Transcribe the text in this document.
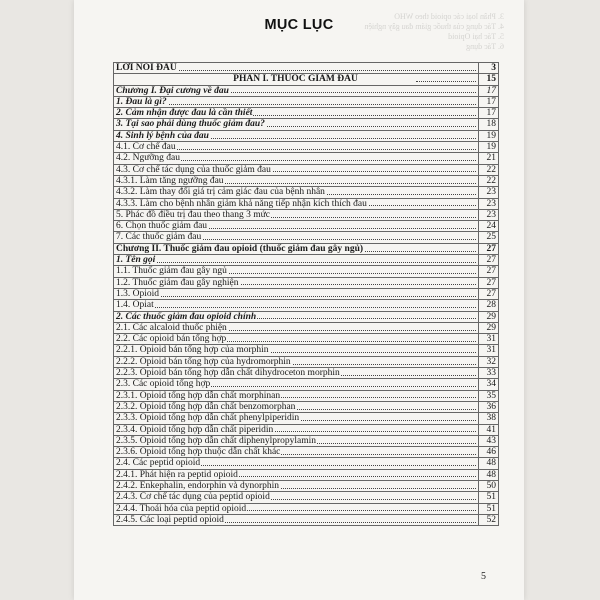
3. Phân loại các opioid theo WHO
4. Tác dụng của thuốc giảm đau gây nghiện
5. Tác hại Opioid
6. Tác dụng
MỤC LỤC
LỜI NÓI ĐẦU	3
PHẦN I. THUỐC GIẢM ĐAU	15
Chương I. Đại cương về đau	17
1. Đau là gì?	17
2. Cảm nhận được đau là cần thiết	17
3. Tại sao phải dùng thuốc giảm đau?	18
4. Sinh lý bệnh của đau	19
4.1. Cơ chế đau	19
4.2. Ngưỡng đau	21
4.3. Cơ chế tác dụng của thuốc giảm đau	22
4.3.1. Làm tăng ngưỡng đau	22
4.3.2. Làm thay đổi giá trị cảm giác đau của bệnh nhân	23
4.3.3. Làm cho bệnh nhân giảm khả năng tiếp nhận kích thích đau	23
5. Phác đồ điều trị đau theo thang 3 mức	23
6. Chọn thuốc giảm đau	24
7. Các thuốc giảm đau	25
Chương II. Thuốc giảm đau opioid (thuốc giảm đau gây ngủ)	27
1. Tên gọi	27
1.1. Thuốc giảm đau gây ngủ	27
1.2. Thuốc giảm đau gây nghiện	27
1.3. Opioid	27
1.4. Opiat	28
2. Các thuốc giảm đau opioid chính	29
2.1. Các alcaloid thuốc phiện	29
2.2. Các opioid bán tổng hợp	31
2.2.1. Opioid bán tổng hợp của morphin	31
2.2.2. Opioid bán tổng hợp của hydromorphin	32
2.2.3. Opioid bán tổng hợp dẫn chất dihydroceton morphin	33
2.3. Các opioid tổng hợp	34
2.3.1. Opioid tổng hợp dẫn chất morphinan	35
2.3.2. Opioid tổng hợp dẫn chất benzomorphan	36
2.3.3. Opioid tổng hợp dẫn chất phenylpiperidin	38
2.3.4. Opioid tổng hợp dẫn chất piperidin	41
2.3.5. Opioid tổng hợp dẫn chất diphenylpropylamin	43
2.3.6. Opioid tổng hợp thuộc dẫn chất khác	46
2.4. Các peptid opioid	48
2.4.1. Phát hiện ra peptid opioid	48
2.4.2. Enkephalin, endorphin và dynorphin	50
2.4.3. Cơ chế tác dụng của peptid opioid	51
2.4.4. Thoái hóa của peptid opioid	51
2.4.5. Các loại peptid opioid	52
5
